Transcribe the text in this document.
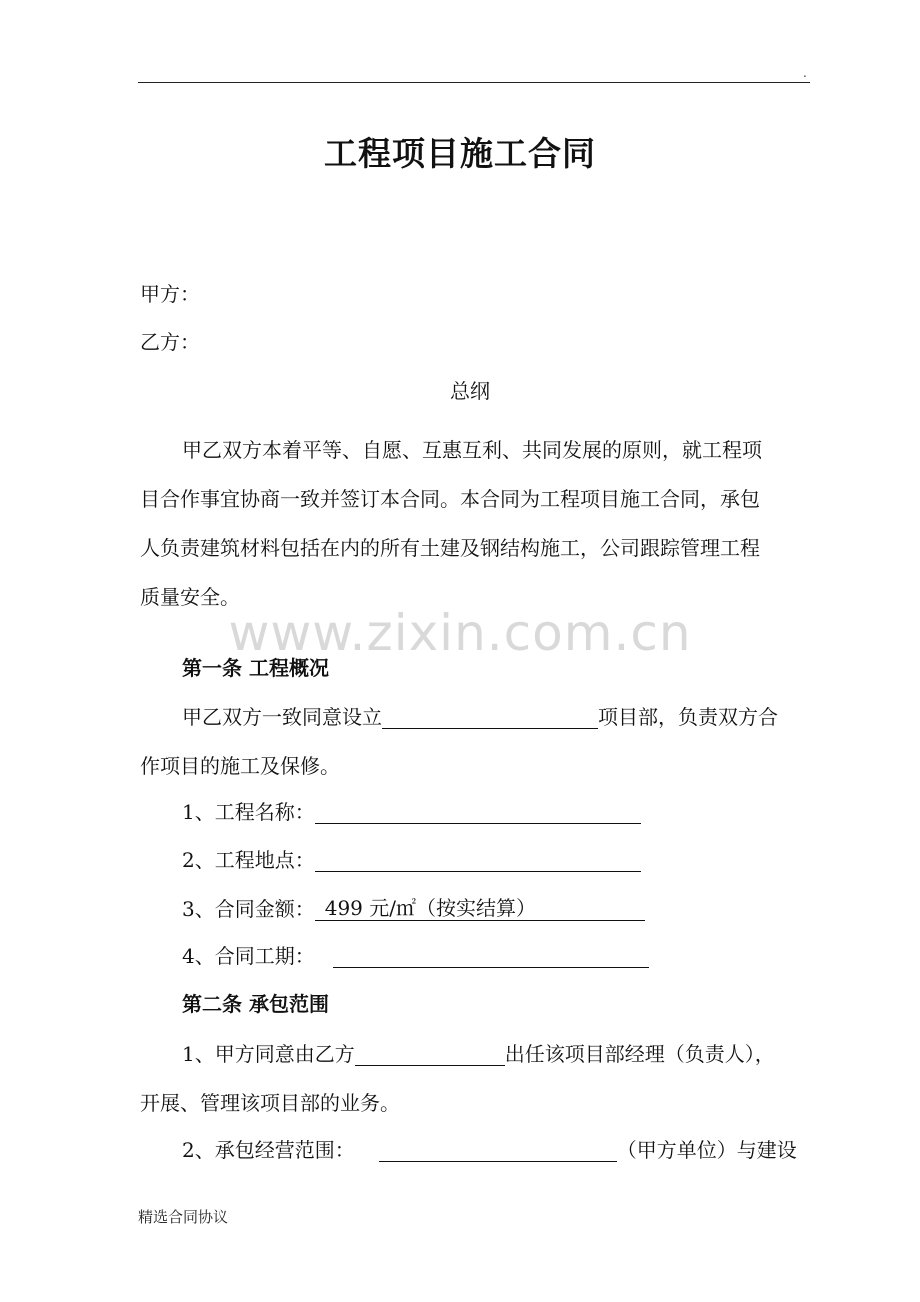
.
工程项目施工合同
甲方：
乙方：
总纲
甲乙双方本着平等、自愿、互惠互利、共同发展的原则，就工程项
目合作事宜协商一致并签订本合同。本合同为工程项目施工合同，承包
人负责建筑材料包括在内的所有土建及钢结构施工，公司跟踪管理工程
质量安全。
www.zixin.com.cn
第一条 工程概况
甲乙双方一致同意设立	项目部，负责双方合
作项目的施工及保修。
1、工程名称：
2、工程地点：
3、合同金额： 499 元/㎡（按实结算）
4、合同工期：
第二条 承包范围
1、甲方同意由乙方	出任该项目部经理（负责人），
开展、管理该项目部的业务。
2、承包经营范围：	（甲方单位）与建设
精选合同协议
